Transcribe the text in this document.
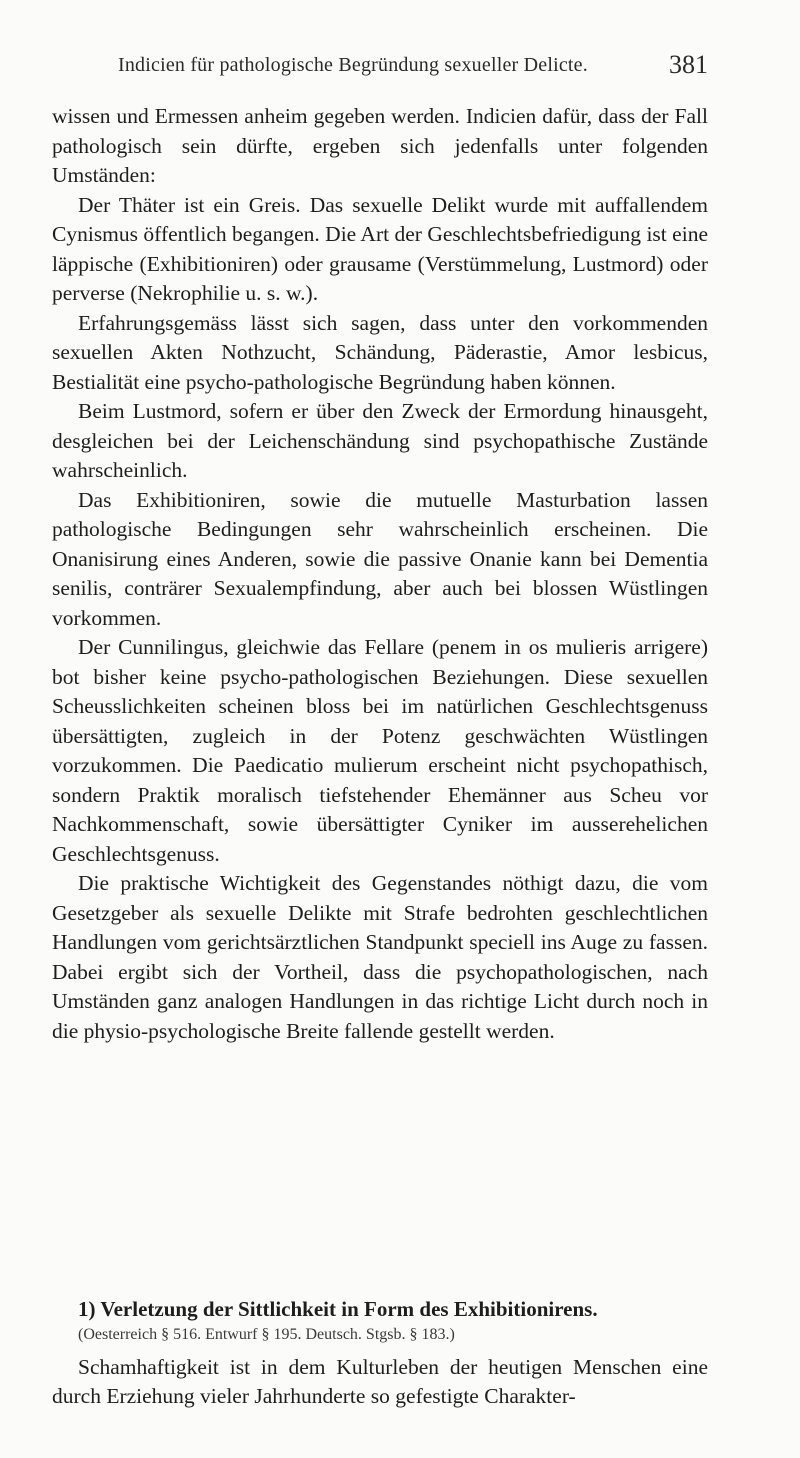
Indicien für pathologische Begründung sexueller Delicte.	381

wissen und Ermessen anheim gegeben werden. Indicien dafür, dass der Fall pathologisch sein dürfte, ergeben sich jedenfalls unter folgenden Umständen:

Der Thäter ist ein Greis. Das sexuelle Delikt wurde mit auffallendem Cynismus öffentlich begangen. Die Art der Geschlechtsbefriedigung ist eine läppische (Exhibitioniren) oder grausame (Verstümmelung, Lustmord) oder perverse (Nekrophilie u. s. w.).

Erfahrungsgemäss lässt sich sagen, dass unter den vorkommenden sexuellen Akten Nothzucht, Schändung, Päderastie, Amor lesbicus, Bestialität eine psycho-pathologische Begründung haben können.

Beim Lustmord, sofern er über den Zweck der Ermordung hinausgeht, desgleichen bei der Leichenschändung sind psychopathische Zustände wahrscheinlich.

Das Exhibitioniren, sowie die mutuelle Masturbation lassen pathologische Bedingungen sehr wahrscheinlich erscheinen. Die Onanisirung eines Anderen, sowie die passive Onanie kann bei Dementia senilis, conträrer Sexualempfindung, aber auch bei blossen Wüstlingen vorkommen.

Der Cunnilingus, gleichwie das Fellare (penem in os mulieris arrigere) bot bisher keine psycho-pathologischen Beziehungen. Diese sexuellen Scheusslichkeiten scheinen bloss bei im natürlichen Geschlechtsgenuss übersättigten, zugleich in der Potenz geschwächten Wüstlingen vorzukommen. Die Paedicatio mulierum erscheint nicht psychopathisch, sondern Praktik moralisch tiefstehender Ehemänner aus Scheu vor Nachkommenschaft, sowie übersättigter Cyniker im ausserehelichen Geschlechtsgenuss.

Die praktische Wichtigkeit des Gegenstandes nöthigt dazu, die vom Gesetzgeber als sexuelle Delikte mit Strafe bedrohten geschlechtlichen Handlungen vom gerichtsärztlichen Standpunkt speciell ins Auge zu fassen. Dabei ergibt sich der Vortheil, dass die psychopathologischen, nach Umständen ganz analogen Handlungen in das richtige Licht durch noch in die physio-psychologische Breite fallende gestellt werden.

1) Verletzung der Sittlichkeit in Form des Exhibitionirens.

(Oesterreich § 516. Entwurf § 195. Deutsch. Stgsb. § 183.)

Schamhaftigkeit ist in dem Kulturleben der heutigen Menschen eine durch Erziehung vieler Jahrhunderte so gefestigte Charakter-
